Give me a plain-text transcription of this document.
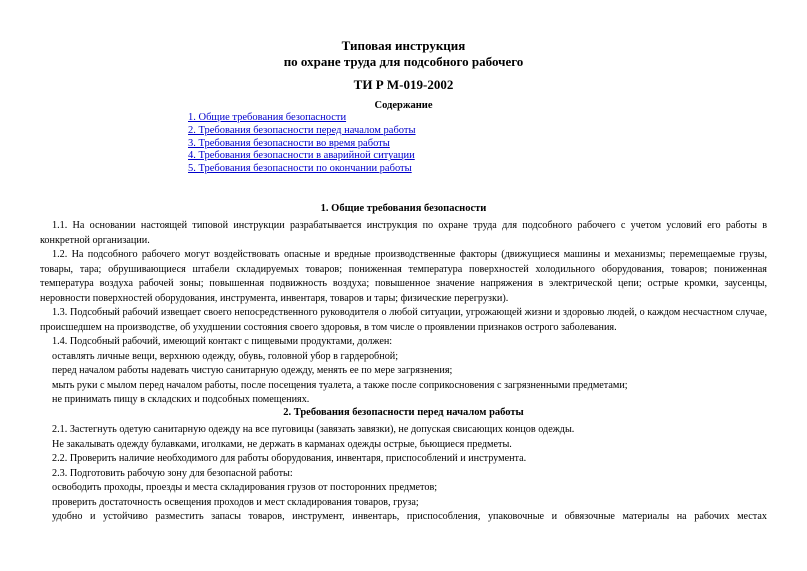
Типовая инструкция
по охране труда для подсобного рабочего
ТИ Р М-019-2002
Содержание
1. Общие требования безопасности
2. Требования безопасности перед началом работы
3. Требования безопасности во время работы
4. Требования безопасности в аварийной ситуации
5. Требования безопасности по окончании работы
1. Общие требования безопасности

1.1. На основании настоящей типовой инструкции разрабатывается инструкция по охране труда для подсобного рабочего с учетом условий его работы в конкретной организации.

1.2. На подсобного рабочего могут воздействовать опасные и вредные производственные факторы (движущиеся машины и механизмы; перемещаемые грузы, товары, тара; обрушивающиеся штабели складируемых товаров; пониженная температура поверхностей холодильного оборудования, товаров; пониженная температура воздуха рабочей зоны; повышенная подвижность воздуха; повышенное значение напряжения в электрической цепи; острые кромки, заусенцы, неровности поверхностей оборудования, инструмента, инвентаря, товаров и тары; физические перегрузки).

1.3. Подсобный рабочий извещает своего непосредственного руководителя о любой ситуации, угрожающей жизни и здоровью людей, о каждом несчастном случае, происшедшем на производстве, об ухудшении состояния своего здоровья, в том числе о проявлении признаков острого заболевания.

1.4. Подсобный рабочий, имеющий контакт с пищевыми продуктами, должен:

оставлять личные вещи, верхнюю одежду, обувь, головной убор в гардеробной;

перед началом работы надевать чистую санитарную одежду, менять ее по мере загрязнения;

мыть руки с мылом перед началом работы, после посещения туалета, а также после соприкосновения с загрязненными предметами;

не принимать пищу в складских и подсобных помещениях.

2. Требования безопасности перед началом работы

2.1. Застегнуть одетую санитарную одежду на все пуговицы (завязать завязки), не допуская свисающих концов одежды.

Не закалывать одежду булавками, иголками, не держать в карманах одежды острые, бьющиеся предметы.

2.2. Проверить наличие необходимого для работы оборудования, инвентаря, приспособлений и инструмента.

2.3. Подготовить рабочую зону для безопасной работы:

освободить проходы, проезды и места складирования грузов от посторонних предметов;

проверить достаточность освещения проходов и мест складирования товаров, груза;

удобно и устойчиво разместить запасы товаров, инструмент, инвентарь, приспособления, упаковочные и обвязочные материалы на рабочих местах
